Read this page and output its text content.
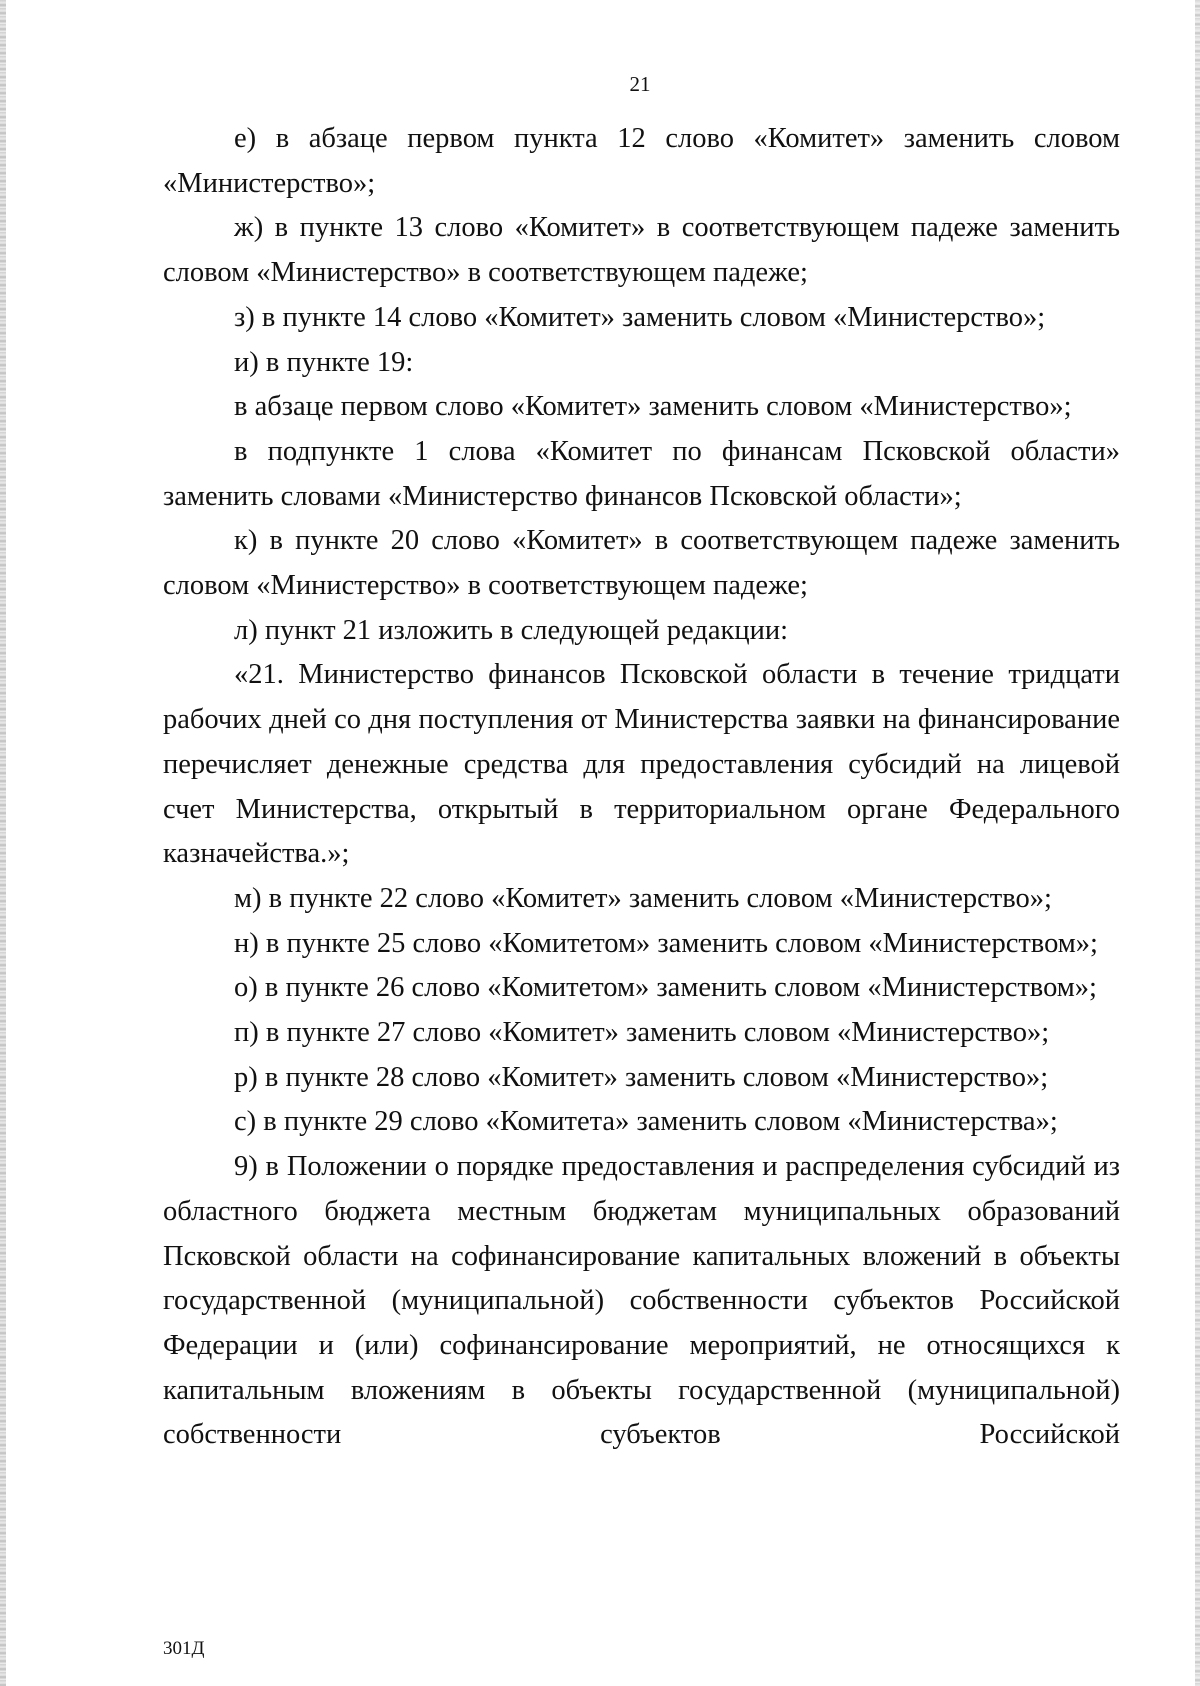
21

е) в абзаце первом пункта 12 слово «Комитет» заменить словом «Министерство»;

ж) в пункте 13 слово «Комитет» в соответствующем падеже заменить словом «Министерство» в соответствующем падеже;

з) в пункте 14 слово «Комитет» заменить словом «Министерство»;

и) в пункте 19:

в абзаце первом слово «Комитет» заменить словом «Министерство»;

в подпункте 1 слова «Комитет по финансам Псковской области» заменить словами «Министерство финансов Псковской области»;

к) в пункте 20 слово «Комитет» в соответствующем падеже заменить словом «Министерство» в соответствующем падеже;

л) пункт 21 изложить в следующей редакции:

«21. Министерство финансов Псковской области в течение тридцати рабочих дней со дня поступления от Министерства заявки на финансирование перечисляет денежные средства для предоставления субсидий на лицевой счет Министерства, открытый в территориальном органе Федерального казначейства.»;

м) в пункте 22 слово «Комитет» заменить словом «Министерство»;

н) в пункте 25 слово «Комитетом» заменить словом «Министерством»;

о) в пункте 26 слово «Комитетом» заменить словом «Министерством»;

п) в пункте 27 слово «Комитет» заменить словом «Министерство»;

р) в пункте 28 слово «Комитет» заменить словом «Министерство»;

с) в пункте 29 слово «Комитета» заменить словом «Министерства»;

9) в Положении о порядке предоставления и распределения субсидий из областного бюджета местным бюджетам муниципальных образований Псковской области на софинансирование капитальных вложений в объекты государственной (муниципальной) собственности субъектов Российской Федерации и (или) софинансирование мероприятий, не относящихся к капитальным вложениям в объекты государственной (муниципальной) собственности субъектов Российской

301Д
